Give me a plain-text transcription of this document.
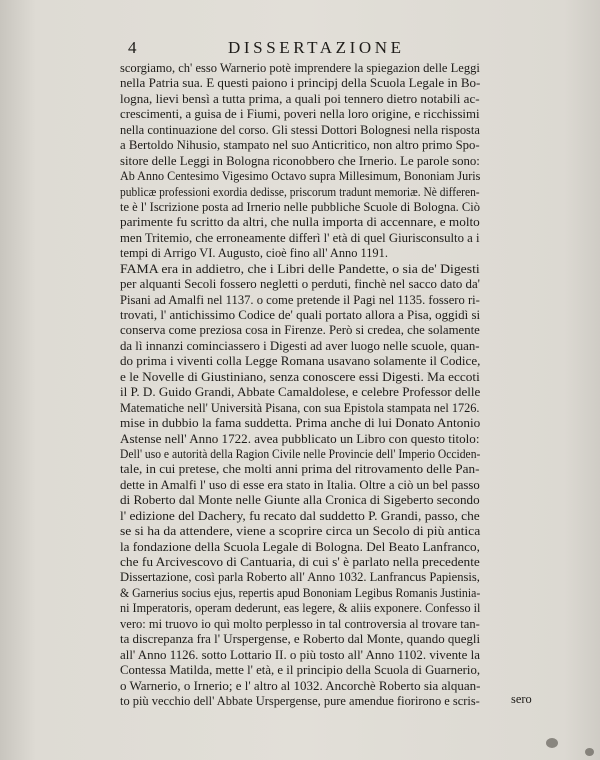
4	DISSERTAZIONE
scorgiamo, ch' esso Warnerio potè imprendere la spiegazion delle Leggi
nella Patria sua. E questi paiono i principj della Scuola Legale in Bo-
logna, lievi bensì a tutta prima, a quali poi tennero dietro notabili ac-
crescimenti, a guisa de i Fiumi, poveri nella loro origine, e ricchissimi
nella continuazione del corso. Gli stessi Dottori Bolognesi nella risposta
a Bertoldo Nihusio, stampato nel suo Anticritico, non altro primo Spo-
sitore delle Leggi in Bologna riconobbero che Irnerio. Le parole sono:
Ab Anno Centesimo Vigesimo Octavo supra Millesimum, Bononiam Juris
publicæ professioni exordia dedisse, priscorum tradunt memoriæ. Nè differen-
te è l' Iscrizione posta ad Irnerio nelle pubbliche Scuole di Bologna. Ciò
parimente fu scritto da altri, che nulla importa di accennare, e molto
men Tritemio, che erroneamente differì l' età di quel Giurisconsulto a i
tempi di Arrigo VI. Augusto, cioè fino all' Anno 1191.
FAMA era in addietro, che i Libri delle Pandette, o sia de' Digesti
per alquanti Secoli fossero negletti o perduti, finchè nel sacco dato da'
Pisani ad Amalfi nel 1137. o come pretende il Pagi nel 1135. fossero ri-
trovati, l' antichissimo Codice de' quali portato allora a Pisa, oggidì si
conserva come preziosa cosa in Firenze. Però si credea, che solamente
da lì innanzi cominciassero i Digesti ad aver luogo nelle scuole, quan-
do prima i viventi colla Legge Romana usavano solamente il Codice,
e le Novelle di Giustiniano, senza conoscere essi Digesti. Ma eccoti
il P. D. Guido Grandi, Abbate Camaldolese, e celebre Professor delle
Matematiche nell' Università Pisana, con sua Epistola stampata nel 1726.
mise in dubbio la fama suddetta. Prima anche di lui Donato Antonio
Astense nell' Anno 1722. avea pubblicato un Libro con questo titolo:
Dell' uso e autorità della Ragion Civile nelle Provincie dell' Imperio Occiden-
tale, in cui pretese, che molti anni prima del ritrovamento delle Pan-
dette in Amalfi l' uso di esse era stato in Italia. Oltre a ciò un bel passo
di Roberto dal Monte nelle Giunte alla Cronica di Sigeberto secondo
l' edizione del Dachery, fu recato dal suddetto P. Grandi, passo, che
se si ha da attendere, viene a scoprire circa un Secolo di più antica
la fondazione della Scuola Legale di Bologna. Del Beato Lanfranco,
che fu Arcivescovo di Cantuaria, di cui s' è parlato nella precedente
Dissertazione, così parla Roberto all' Anno 1032. Lanfrancus Papiensis,
& Garnerius socius ejus, repertis apud Bononiam Legibus Romanis Justinia-
ni Imperatoris, operam dederunt, eas legere, & aliis exponere. Confesso il
vero: mi truovo io quì molto perplesso in tal controversia al trovare tan-
ta discrepanza fra l' Urspergense, e Roberto dal Monte, quando quegli
all' Anno 1126. sotto Lottario II. o più tosto all' Anno 1102. vivente la
Contessa Matilda, mette l' età, e il principio della Scuola di Guarnerio,
o Warnerio, o Irnerio; e l' altro al 1032. Ancorchè Roberto sia alquan-
to più vecchio dell' Abbate Urspergense, pure amendue fiorirono e scris-	sero
